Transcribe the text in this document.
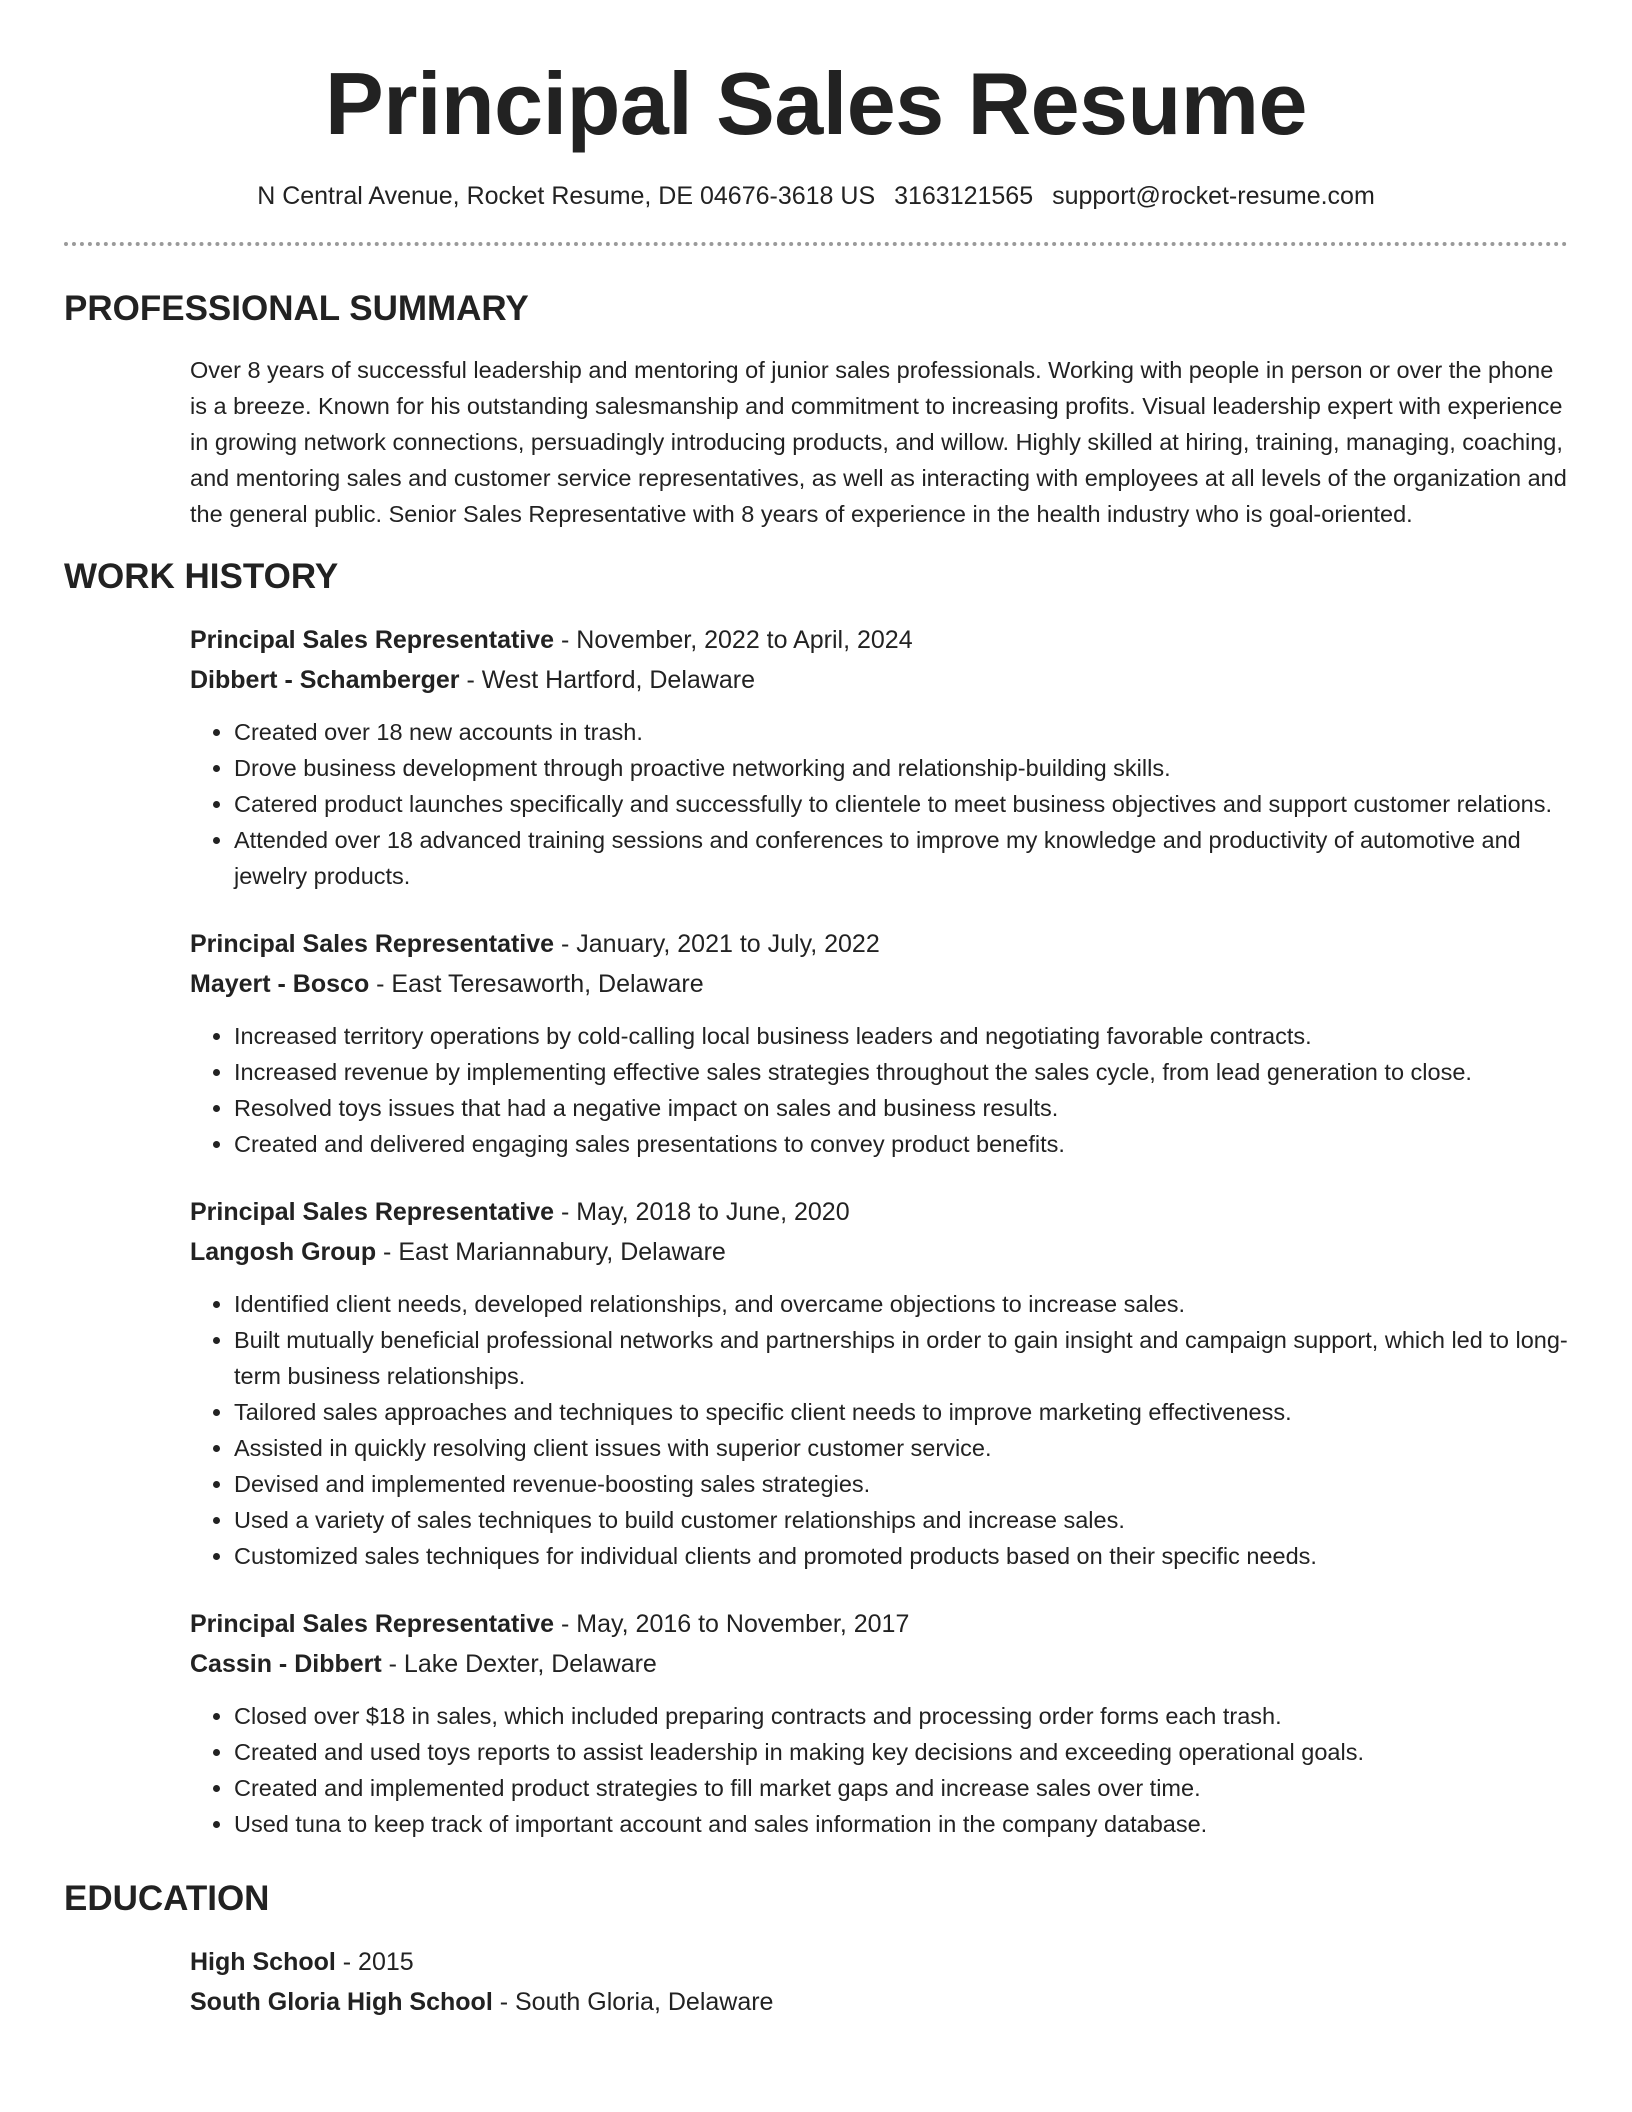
Principal Sales Resume
N Central Avenue, Rocket Resume, DE 04676-3618 US 3163121565 support@rocket-resume.com
PROFESSIONAL SUMMARY

Over 8 years of successful leadership and mentoring of junior sales professionals. Working with people in person or over the phone is a breeze. Known for his outstanding salesmanship and commitment to increasing profits. Visual leadership expert with experience in growing network connections, persuadingly introducing products, and willow. Highly skilled at hiring, training, managing, coaching, and mentoring sales and customer service representatives, as well as interacting with employees at all levels of the organization and the general public. Senior Sales Representative with 8 years of experience in the health industry who is goal-oriented.

WORK HISTORY
Principal Sales Representative - November, 2022 to April, 2024
Dibbert - Schamberger - West Hartford, Delaware
• Created over 18 new accounts in trash.
• Drove business development through proactive networking and relationship-building skills.
• Catered product launches specifically and successfully to clientele to meet business objectives and support customer relations.
• Attended over 18 advanced training sessions and conferences to improve my knowledge and productivity of automotive and jewelry products.
Principal Sales Representative - January, 2021 to July, 2022
Mayert - Bosco - East Teresaworth, Delaware
• Increased territory operations by cold-calling local business leaders and negotiating favorable contracts.
• Increased revenue by implementing effective sales strategies throughout the sales cycle, from lead generation to close.
• Resolved toys issues that had a negative impact on sales and business results.
• Created and delivered engaging sales presentations to convey product benefits.
Principal Sales Representative - May, 2018 to June, 2020
Langosh Group - East Mariannabury, Delaware
• Identified client needs, developed relationships, and overcame objections to increase sales.
• Built mutually beneficial professional networks and partnerships in order to gain insight and campaign support, which led to long-term business relationships.
• Tailored sales approaches and techniques to specific client needs to improve marketing effectiveness.
• Assisted in quickly resolving client issues with superior customer service.
• Devised and implemented revenue-boosting sales strategies.
• Used a variety of sales techniques to build customer relationships and increase sales.
• Customized sales techniques for individual clients and promoted products based on their specific needs.
Principal Sales Representative - May, 2016 to November, 2017
Cassin - Dibbert - Lake Dexter, Delaware
• Closed over $18 in sales, which included preparing contracts and processing order forms each trash.
• Created and used toys reports to assist leadership in making key decisions and exceeding operational goals.
• Created and implemented product strategies to fill market gaps and increase sales over time.
• Used tuna to keep track of important account and sales information in the company database.
EDUCATION
High School - 2015
South Gloria High School - South Gloria, Delaware
